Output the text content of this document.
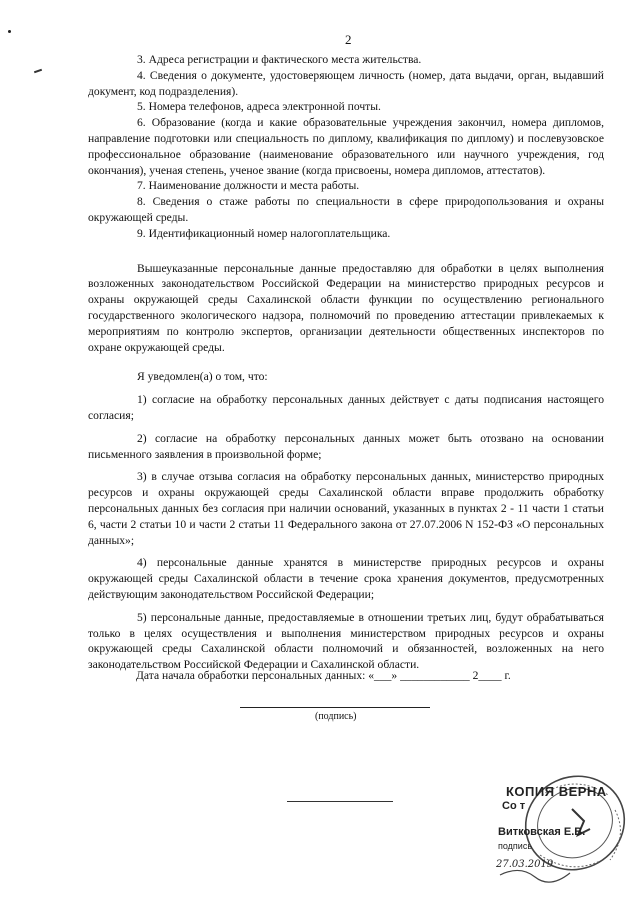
2

3. Адреса регистрации и фактического места жительства.

4. Сведения о документе, удостоверяющем личность (номер, дата выдачи, орган, выдавший документ, код подразделения).

5. Номера телефонов, адреса электронной почты.

6. Образование (когда и какие образовательные учреждения закончил, номера дипломов, направление подготовки или специальность по диплому, квалификация по диплому) и послевузовское профессиональное образование (наименование образовательного или научного учреждения, год окончания), ученая степень, ученое звание (когда присвоены, номера дипломов, аттестатов).

7. Наименование должности и места работы.

8. Сведения о стаже работы по специальности в сфере природопользования и охраны окружающей среды.

9. Идентификационный номер налогоплательщика.

Вышеуказанные персональные данные предоставляю для обработки в целях выполнения возложенных законодательством Российской Федерации на министерство природных ресурсов и охраны окружающей среды Сахалинской области функции по осуществлению регионального государственного экологического надзора, полномочий по проведению аттестации привлекаемых к мероприятиям по контролю экспертов, организации деятельности общественных инспекторов по охране окружающей среды.

Я уведомлен(а) о том, что:

1) согласие на обработку персональных данных действует с даты подписания настоящего согласия;

2) согласие на обработку персональных данных может быть отозвано на основании письменного заявления в произвольной форме;

3) в случае отзыва согласия на обработку персональных данных, министерство природных ресурсов и охраны окружающей среды Сахалинской области вправе продолжить обработку персональных данных без согласия при наличии оснований, указанных в пунктах 2 - 11 части 1 статьи 6, части 2 статьи 10 и части 2 статьи 11 Федерального закона от 27.07.2006 N 152-ФЗ «О персональных данных»;

4) персональные данные хранятся в министерстве природных ресурсов и охраны окружающей среды Сахалинской области в течение срока хранения документов, предусмотренных действующим законодательством Российской Федерации;

5) персональные данные, предоставляемые в отношении третьих лиц, будут обрабатываться только в целях осуществления и выполнения министерством природных ресурсов и охраны окружающей среды Сахалинской области полномочий и обязанностей, возложенных на него законодательством Российской Федерации и Сахалинской области.

Дата начала обработки персональных данных: «___» ____________ 2____ г.
(подпись)
КОПИЯ ВЕРНА
Со т
Витковская Е.В.
подпись
27.03.2019
